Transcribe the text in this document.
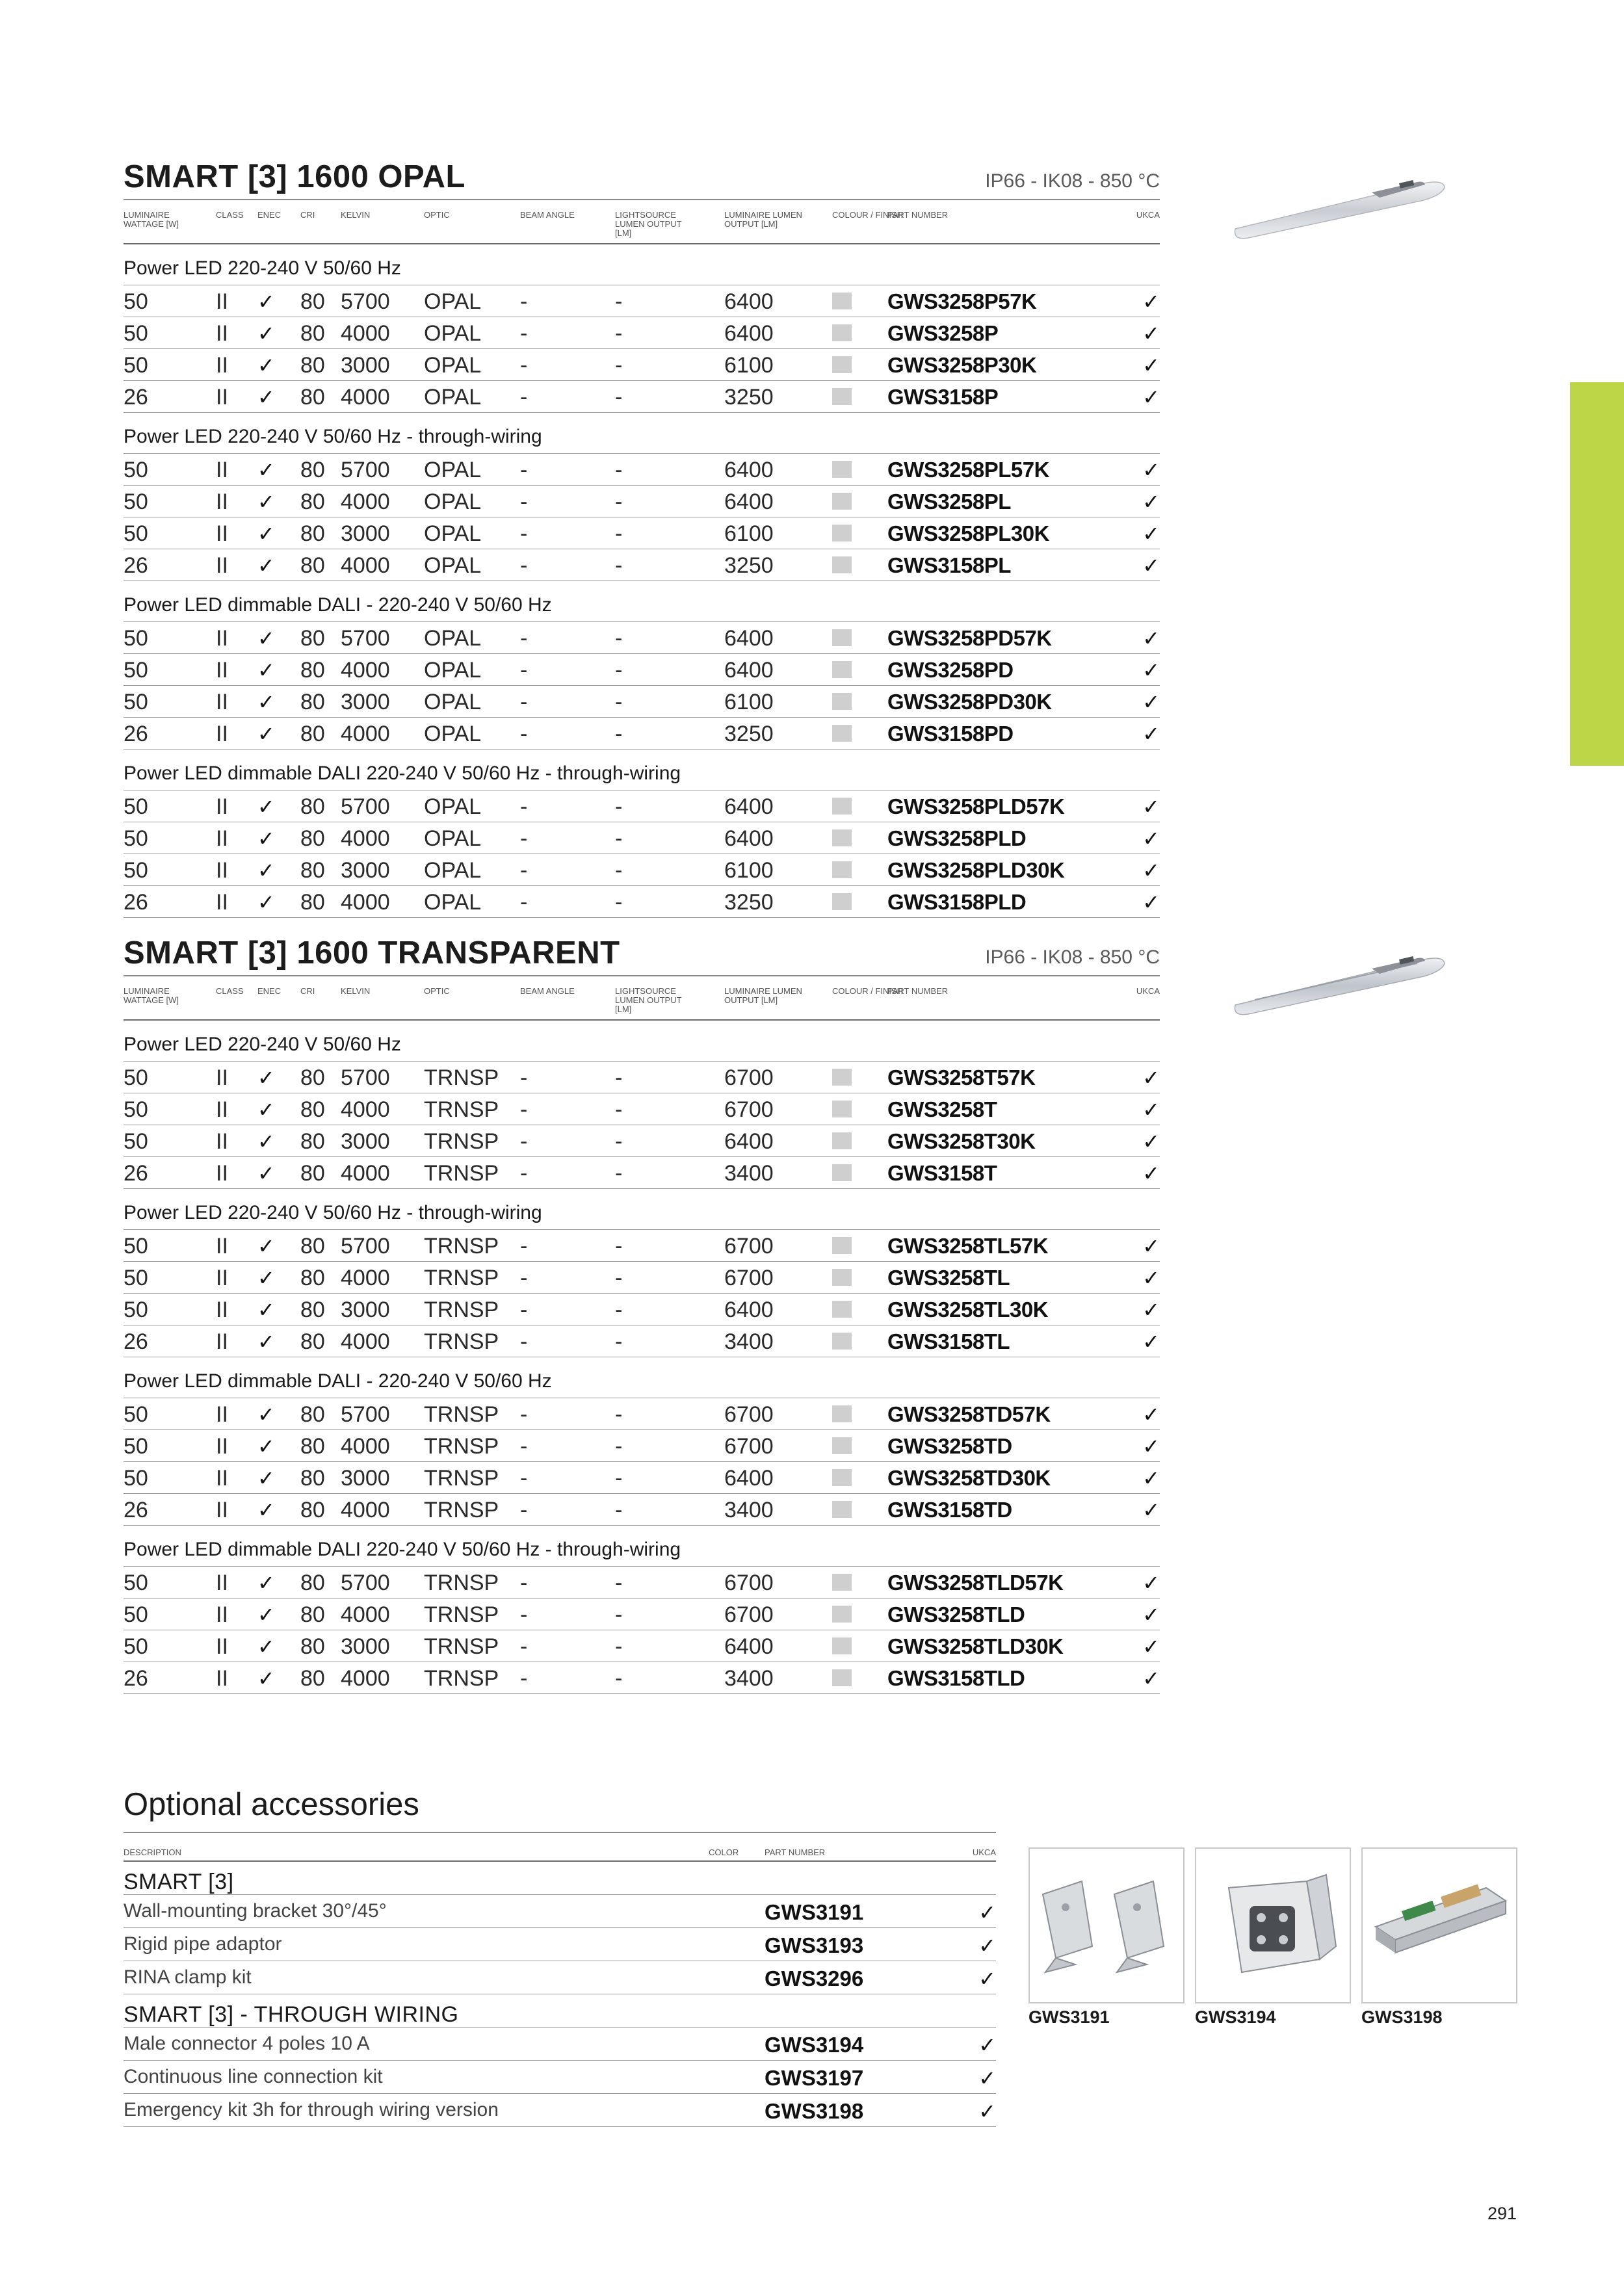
SMART [3] 1600 OPAL	IP66 - IK08 - 850 °C
LUMINAIRE WATTAGE [W]
CLASS ENEC CRI	KELVIN	OPTIC	BEAM ANGLE	LIGHTSOURCE LUMEN OUTPUT [LM]
LUMINAIRE LUMEN OUTPUT [LM]
COLOUR / FINISH
PART NUMBER	UKCA
Power LED 220-240 V 50/60 Hz
50	II ✓ 80 5700 OPAL -	-	6400	GWS3258P57K	✓
50	II ✓ 80 4000 OPAL -	-	6400	GWS3258P	✓
50	II ✓ 80 3000 OPAL -	-	6100	GWS3258P30K	✓
26	II ✓ 80 4000 OPAL -	-	3250	GWS3158P	✓
Power LED 220-240 V 50/60 Hz - through-wiring
50	II ✓ 80 5700 OPAL -	-	6400	GWS3258PL57K	✓
50	II ✓ 80 4000 OPAL -	-	6400	GWS3258PL	✓
50	II ✓ 80 3000 OPAL -	-	6100	GWS3258PL30K	✓
26	II ✓ 80 4000 OPAL -	-	3250	GWS3158PL	✓
Power LED dimmable DALI - 220-240 V 50/60 Hz
50	II ✓ 80 5700 OPAL -	-	6400	GWS3258PD57K	✓
50	II ✓ 80 4000 OPAL -	-	6400	GWS3258PD	✓
50	II ✓ 80 3000 OPAL -	-	6100	GWS3258PD30K	✓
26	II ✓ 80 4000 OPAL -	-	3250	GWS3158PD	✓
Power LED dimmable DALI 220-240 V 50/60 Hz - through-wiring
50	II ✓ 80 5700 OPAL -	-	6400	GWS3258PLD57K	✓
50	II ✓ 80 4000 OPAL -	-	6400	GWS3258PLD	✓
50	II ✓ 80 3000 OPAL -	-	6100	GWS3258PLD30K	✓
26	II ✓ 80 4000 OPAL -	-	3250	GWS3158PLD	✓
SMART [3] 1600 TRANSPARENT	IP66 - IK08 - 850 °C
LUMINAIRE WATTAGE [W]
CLASS ENEC CRI	KELVIN	OPTIC	BEAM ANGLE	LIGHTSOURCE LUMEN OUTPUT [LM]
LUMINAIRE LUMEN OUTPUT [LM]
COLOUR / FINISH
PART NUMBER	UKCA
Power LED 220-240 V 50/60 Hz
50	II ✓ 80 5700 TRNSP -	-	6700	GWS3258T57K	✓
50	II ✓ 80 4000 TRNSP -	-	6700	GWS3258T	✓
50	II ✓ 80 3000 TRNSP -	-	6400	GWS3258T30K	✓
26	II ✓ 80 4000 TRNSP -	-	3400	GWS3158T	✓
Power LED 220-240 V 50/60 Hz - through-wiring
50	II ✓ 80 5700 TRNSP -	-	6700	GWS3258TL57K	✓
50	II ✓ 80 4000 TRNSP -	-	6700	GWS3258TL	✓
50	II ✓ 80 3000 TRNSP -	-	6400	GWS3258TL30K	✓
26	II ✓ 80 4000 TRNSP -	-	3400	GWS3158TL	✓
Power LED dimmable DALI - 220-240 V 50/60 Hz
50	II ✓ 80 5700 TRNSP -	-	6700	GWS3258TD57K	✓
50	II ✓ 80 4000 TRNSP -	-	6700	GWS3258TD	✓
50	II ✓ 80 3000 TRNSP -	-	6400	GWS3258TD30K	✓
26	II ✓ 80 4000 TRNSP -	-	3400	GWS3158TD	✓
Power LED dimmable DALI 220-240 V 50/60 Hz - through-wiring
50	II ✓ 80 5700 TRNSP -	-	6700	GWS3258TLD57K	✓
50	II ✓ 80 4000 TRNSP -	-	6700	GWS3258TLD	✓
50	II ✓ 80 3000 TRNSP -	-	6400	GWS3258TLD30K	✓
26	II ✓ 80 4000 TRNSP -	-	3400	GWS3158TLD	✓
Optional accessories
DESCRIPTION	COLOR	PART NUMBER	UKCA
SMART [3]
Wall-mounting bracket 30°/45°	GWS3191	✓
Rigid pipe adaptor	GWS3193	✓
RINA clamp kit	GWS3296	✓
SMART [3] - THROUGH WIRING
Male connector 4 poles 10 A	GWS3194	✓
Continuous line connection kit	GWS3197	✓
Emergency kit 3h for through wiring version	GWS3198	✓
GWS3191	GWS3194	GWS3198
291
